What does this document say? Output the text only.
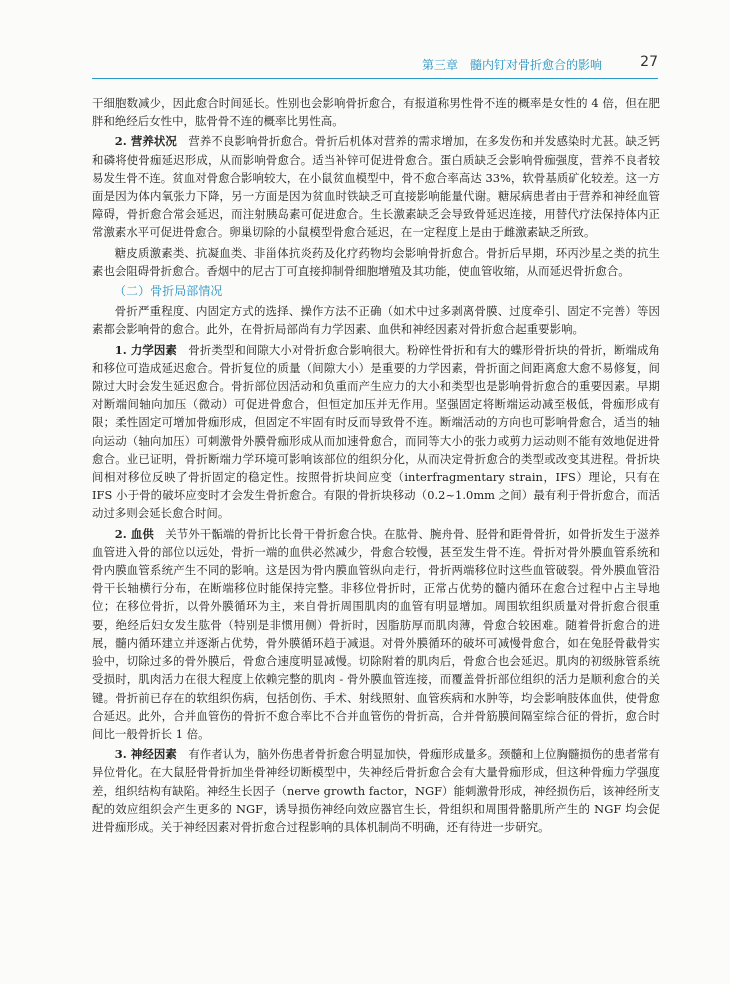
第三章　髓内钉对骨折愈合的影响	27

干细胞数减少，因此愈合时间延长。性别也会影响骨折愈合，有报道称男性骨不连的概率是女性的 4 倍，但在肥胖和绝经后女性中，肱骨骨不连的概率比男性高。

2. 营养状况　营养不良影响骨折愈合。骨折后机体对营养的需求增加，在多发伤和并发感染时尤甚。缺乏钙和磷将使骨痂延迟形成，从而影响骨愈合。适当补锌可促进骨愈合。蛋白质缺乏会影响骨痂强度，营养不良者较易发生骨不连。贫血对骨愈合影响较大，在小鼠贫血模型中，骨不愈合率高达 33%，软骨基质矿化较差。这一方面是因为体内氧张力下降，另一方面是因为贫血时铁缺乏可直接影响能量代谢。糖尿病患者由于营养和神经血管障碍，骨折愈合常会延迟，而注射胰岛素可促进愈合。生长激素缺乏会导致骨延迟连接，用替代疗法保持体内正常激素水平可促进骨愈合。卵巢切除的小鼠模型骨愈合延迟，在一定程度上是由于雌激素缺乏所致。

糖皮质激素类、抗凝血类、非甾体抗炎药及化疗药物均会影响骨折愈合。骨折后早期，环丙沙星之类的抗生素也会阻碍骨折愈合。香烟中的尼古丁可直接抑制骨细胞增殖及其功能，使血管收缩，从而延迟骨折愈合。

（二）骨折局部情况

骨折严重程度、内固定方式的选择、操作方法不正确（如术中过多剥离骨膜、过度牵引、固定不完善）等因素都会影响骨的愈合。此外，在骨折局部尚有力学因素、血供和神经因素对骨折愈合起重要影响。

1. 力学因素　骨折类型和间隙大小对骨折愈合影响很大。粉碎性骨折和有大的蝶形骨折块的骨折，断端成角和移位可造成延迟愈合。骨折复位的质量（间隙大小）是重要的力学因素，骨折面之间距离愈大愈不易修复，间隙过大时会发生延迟愈合。骨折部位因活动和负重而产生应力的大小和类型也是影响骨折愈合的重要因素。早期对断端间轴向加压（微动）可促进骨愈合，但恒定加压并无作用。坚强固定将断端运动减至极低，骨痂形成有限；柔性固定可增加骨痂形成，但固定不牢固有时反而导致骨不连。断端活动的方向也可影响骨愈合，适当的轴向运动（轴向加压）可刺激骨外膜骨痂形成从而加速骨愈合，而同等大小的张力或剪力运动则不能有效地促进骨愈合。业已证明，骨折断端力学环境可影响该部位的组织分化，从而决定骨折愈合的类型或改变其进程。骨折块间相对移位反映了骨折固定的稳定性。按照骨折块间应变（interfragmentary strain，IFS）理论，只有在 IFS 小于骨的破坏应变时才会发生骨折愈合。有限的骨折块移动（0.2~1.0mm 之间）最有利于骨折愈合，而活动过多则会延长愈合时间。

2. 血供　关节外干骺端的骨折比长骨干骨折愈合快。在肱骨、腕舟骨、胫骨和距骨骨折，如骨折发生于滋养血管进入骨的部位以远处，骨折一端的血供必然减少，骨愈合较慢，甚至发生骨不连。骨折对骨外膜血管系统和骨内膜血管系统产生不同的影响。这是因为骨内膜血管纵向走行，骨折两端移位时这些血管破裂。骨外膜血管沿骨干长轴横行分布，在断端移位时能保持完整。非移位骨折时，正常占优势的髓内循环在愈合过程中占主导地位；在移位骨折，以骨外膜循环为主，来自骨折周围肌肉的血管有明显增加。周围软组织质量对骨折愈合很重要，绝经后妇女发生肱骨（特别是非惯用侧）骨折时，因脂肪厚而肌肉薄，骨愈合较困难。随着骨折愈合的进展，髓内循环建立并逐渐占优势，骨外膜循环趋于减退。对骨外膜循环的破坏可减慢骨愈合，如在兔胫骨截骨实验中，切除过多的骨外膜后，骨愈合速度明显减慢。切除附着的肌肉后，骨愈合也会延迟。肌肉的初级脉管系统受损时，肌肉活力在很大程度上依赖完整的肌肉 - 骨外膜血管连接，而覆盖骨折部位组织的活力是顺利愈合的关键。骨折前已存在的软组织伤病，包括创伤、手术、射线照射、血管疾病和水肿等，均会影响肢体血供，使骨愈合延迟。此外，合并血管伤的骨折不愈合率比不合并血管伤的骨折高，合并骨筋膜间隔室综合征的骨折，愈合时间比一般骨折长 1 倍。

3. 神经因素　有作者认为，脑外伤患者骨折愈合明显加快，骨痂形成量多。颈髓和上位胸髓损伤的患者常有异位骨化。在大鼠胫骨骨折加坐骨神经切断模型中，失神经后骨折愈合会有大量骨痂形成，但这种骨痂力学强度差，组织结构有缺陷。神经生长因子（nerve growth factor，NGF）能刺激骨形成，神经损伤后，该神经所支配的效应组织会产生更多的 NGF，诱导损伤神经向效应器官生长，骨组织和周围骨骼肌所产生的 NGF 均会促进骨痂形成。关于神经因素对骨折愈合过程影响的具体机制尚不明确，还有待进一步研究。
